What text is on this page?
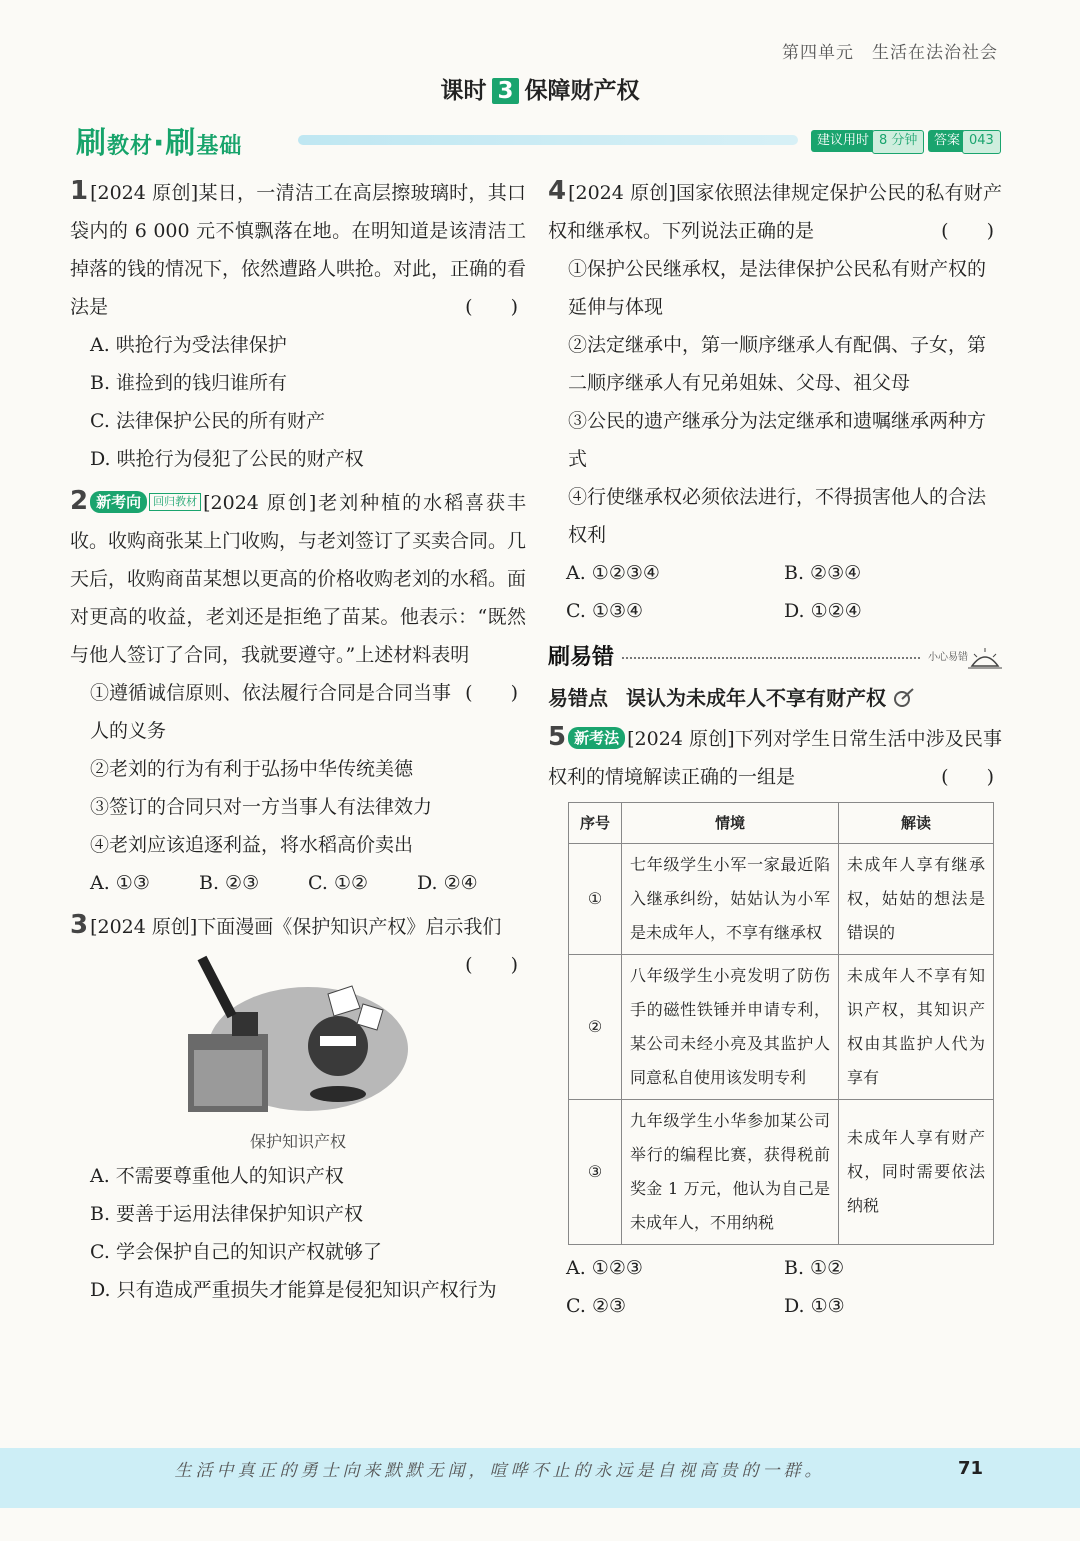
第四单元 生活在法治社会
课时 3 保障财产权
刷教材·刷基础	建议用时 8 分钟	答案 043
1 [2024 原创]某日，一清洁工在高层擦玻璃时，其口袋内的 6 000 元不慎飘落在地。在明知道是该清洁工掉落的钱的情况下，依然遭路人哄抢。对此，正确的看法是	(　　)
A. 哄抢行为受法律保护
B. 谁捡到的钱归谁所有
C. 法律保护公民的所有财产
D. 哄抢行为侵犯了公民的财产权
2 新考向 回归教材 [2024 原创]老刘种植的水稻喜获丰收。收购商张某上门收购，与老刘签订了买卖合同。几天后，收购商苗某想以更高的价格收购老刘的水稻。面对更高的收益，老刘还是拒绝了苗某。他表示：“既然与他人签订了合同，我就要遵守。”上述材料表明
(　　)
①遵循诚信原则、依法履行合同是合同当事人的义务
②老刘的行为有利于弘扬中华传统美德
③签订的合同只对一方当事人有法律效力
④老刘应该追逐利益，将水稻高价卖出
A. ①③	B. ②③	C. ①②	D. ②④
3 [2024 原创]下面漫画《保护知识产权》启示我们
(　　)
保护知识产权
A. 不需要尊重他人的知识产权
B. 要善于运用法律保护知识产权
C. 学会保护自己的知识产权就够了
D. 只有造成严重损失才能算是侵犯知识产权行为
4 [2024 原创]国家依照法律规定保护公民的私有财产权和继承权。下列说法正确的是	(　　)
①保护公民继承权，是法律保护公民私有财产权的延伸与体现
②法定继承中，第一顺序继承人有配偶、子女，第二顺序继承人有兄弟姐妹、父母、祖父母
③公民的遗产继承分为法定继承和遗嘱继承两种方式
④行使继承权必须依法进行，不得损害他人的合法权利
A. ①②③④	B. ②③④
C. ①③④	D. ①②④
刷易错	小心易错
易错点 误认为未成年人不享有财产权
5 新考法 [2024 原创]下列对学生日常生活中涉及民事权利的情境解读正确的一组是	(　　)
序号	情境	解读
①	七年级学生小军一家最近陷入继承纠纷，姑姑认为小军是未成年人，不享有继承权	未成年人享有继承权，姑姑的想法是错误的
②	八年级学生小亮发明了防伤手的磁性铁锤并申请专利，某公司未经小亮及其监护人同意私自使用该发明专利	未成年人不享有知识产权，其知识产权由其监护人代为享有
③	九年级学生小华参加某公司举行的编程比赛，获得税前奖金 1 万元，他认为自己是未成年人，不用纳税	未成年人享有财产权，同时需要依法纳税
A. ①②③	B. ①②
C. ②③	D. ①③
生活中真正的勇士向来默默无闻，喧哗不止的永远是自视高贵的一群。	71
